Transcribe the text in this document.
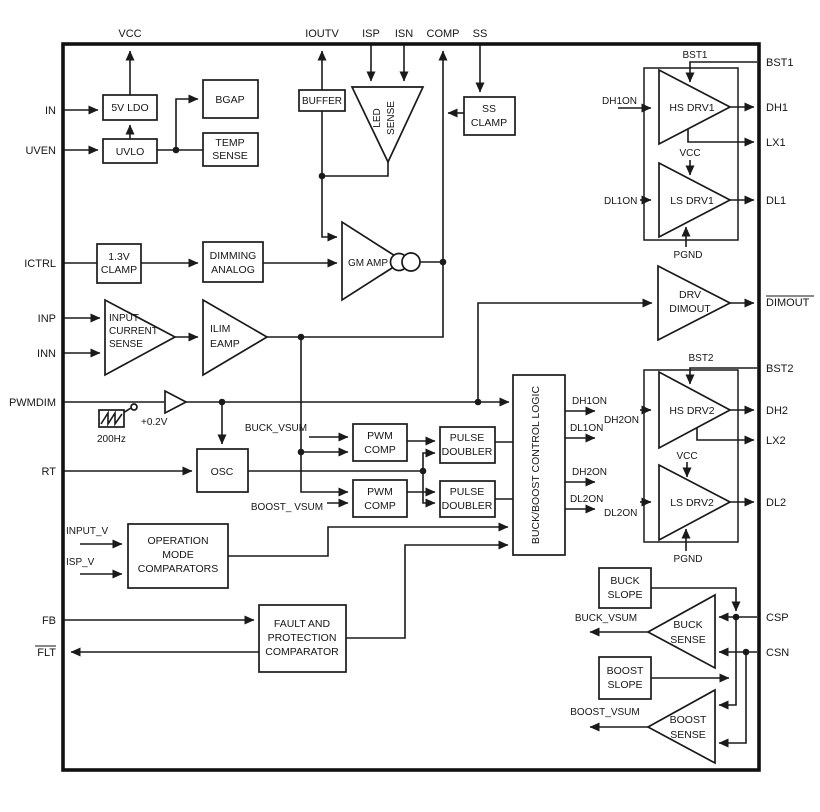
VCC	IOUTV ISP ISN COMP SS
IN
UVEN
ICTRL
INP
INN
PWMDIM
RT
FB
FLT
BST1
DH1
LX1
DL1
DIMOUT
BST2
DH2
LX2
DL2
CSP
CSN
5V LDO
UVLO
BGAP
TEMP
SENSE
BUFFER
LED SENSE	SS
CLAMP
1.3V
CLAMP
DIMMING
ANALOG
GM AMP
INPUT
CURRENT
SENSE
ILIM
EAMP
OSC
PWM
COMP
PWM
COMP
PULSE
DOUBLER
PULSE
DOUBLER	BUCK/BOOST CONTROL LOGIC
OPERATION
MODE
COMPARATORS
FAULT AND
PROTECTION
COMPARATOR
DRV
DIMOUT
HS DRV1
LS DRV1
HS DRV2
LS DRV2
BUCK
SLOPE
BOOST
SLOPE
BUCK
SENSE
BOOST
SENSE
BUCK_VSUM
BOOST_ VSUM
200Hz
+0.2V
INPUT_V
ISP_V
DH1ON
DL1ON
DH2ON
DL2ON
BST1
DH1ON
VCC
DL1ON
PGND
BST2
DH2ON
VCC
DL2ON
PGND
BUCK_VSUM
BOOST_VSUM
